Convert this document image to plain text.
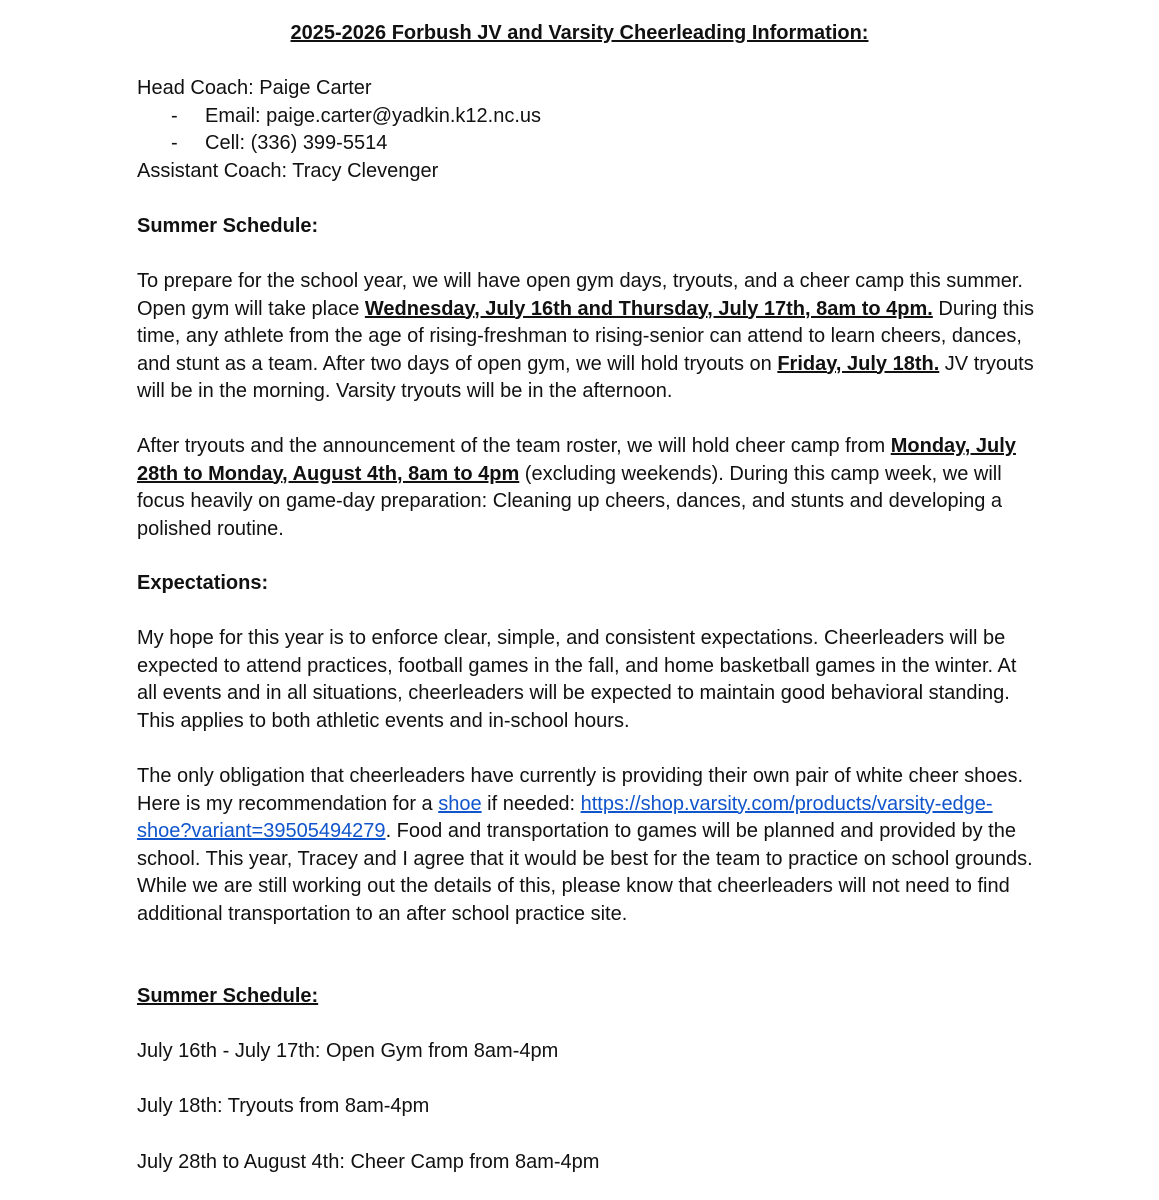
2025-2026 Forbush JV and Varsity Cheerleading Information:

Head Coach: Paige Carter

- Email: paige.carter@yadkin.k12.nc.us
- Cell: (336) 399-5514

Assistant Coach: Tracy Clevenger

Summer Schedule:

To prepare for the school year, we will have open gym days, tryouts, and a cheer camp this summer. Open gym will take place Wednesday, July 16th and Thursday, July 17th, 8am to 4pm. During this time, any athlete from the age of rising-freshman to rising-senior can attend to learn cheers, dances, and stunt as a team. After two days of open gym, we will hold tryouts on Friday, July 18th. JV tryouts will be in the morning. Varsity tryouts will be in the afternoon.

After tryouts and the announcement of the team roster, we will hold cheer camp from Monday, July 28th to Monday, August 4th, 8am to 4pm (excluding weekends). During this camp week, we will focus heavily on game-day preparation: Cleaning up cheers, dances, and stunts and developing a polished routine.

Expectations:

My hope for this year is to enforce clear, simple, and consistent expectations. Cheerleaders will be expected to attend practices, football games in the fall, and home basketball games in the winter. At all events and in all situations, cheerleaders will be expected to maintain good behavioral standing. This applies to both athletic events and in-school hours.

The only obligation that cheerleaders have currently is providing their own pair of white cheer shoes. Here is my recommendation for a shoe if needed: https://shop.varsity.com/products/varsity-edge-shoe?variant=39505494279. Food and transportation to games will be planned and provided by the school. This year, Tracey and I agree that it would be best for the team to practice on school grounds. While we are still working out the details of this, please know that cheerleaders will not need to find additional transportation to an after school practice site.

Summer Schedule:

July 16th - July 17th: Open Gym from 8am-4pm

July 18th: Tryouts from 8am-4pm

July 28th to August 4th: Cheer Camp from 8am-4pm
